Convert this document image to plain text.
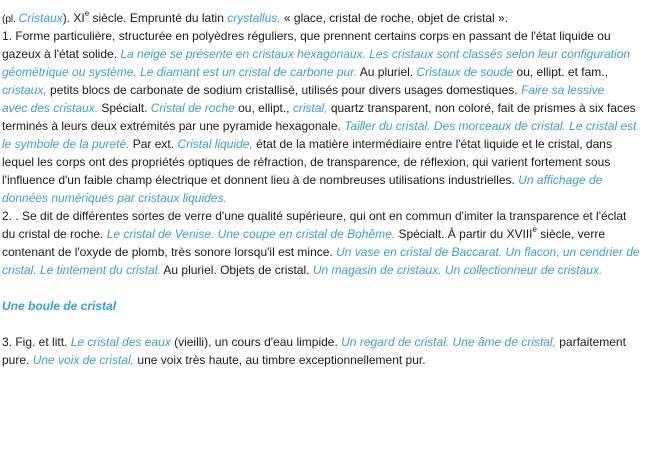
(pl. Cristaux). XIe siècle. Emprunté du latin crystallus, « glace, cristal de roche, objet de cristal ».
1. Forme particulière, structurée en polyèdres réguliers, que prennent certains corps en passant de l'état liquide ou
gazeux à l'état solide. La neige se présente en cristaux hexagonaux. Les cristaux sont classés selon leur configuration
géométrique ou système. Le diamant est un cristal de carbone pur. Au pluriel. Cristaux de soude ou, ellipt. et fam.,
cristaux, petits blocs de carbonate de sodium cristallisé, utilisés pour divers usages domestiques. Faire sa lessive
avec des cristaux. Spécialt. Cristal de roche ou, ellipt., cristal, quartz transparent, non coloré, fait de prismes à six faces
terminés à leurs deux extrémités par une pyramide hexagonale. Tailler du cristal. Des morceaux de cristal. Le cristal est
le symbole de la pureté. Par ext. Cristal liquide, état de la matière intermédiaire entre l'état liquide et le cristal, dans
lequel les corps ont des propriétés optiques de réfraction, de transparence, de réflexion, qui varient fortement sous
l'influence d'un faible champ électrique et donnent lieu à de nombreuses utilisations industrielles. Un affichage de
données numériques par cristaux liquides.
2. . Se dit de différentes sortes de verre d'une qualité supérieure, qui ont en commun d'imiter la transparence et l'éclat
du cristal de roche. Le cristal de Venise. Une coupe en cristal de Bohême. Spécialt. À partir du XVIIIe siècle, verre
contenant de l'oxyde de plomb, très sonore lorsqu'il est mince. Un vase en cristal de Baccarat. Un flacon, un cendrier de
cristal. Le tintement du cristal. Au pluriel. Objets de cristal. Un magasin de cristaux. Un collectionneur de cristaux.
Une boule de cristal
3. Fig. et litt. Le cristal des eaux (vieilli), un cours d'eau limpide. Un regard de cristal. Une âme de cristal, parfaitement
pure. Une voix de cristal, une voix très haute, au timbre exceptionnellement pur.
